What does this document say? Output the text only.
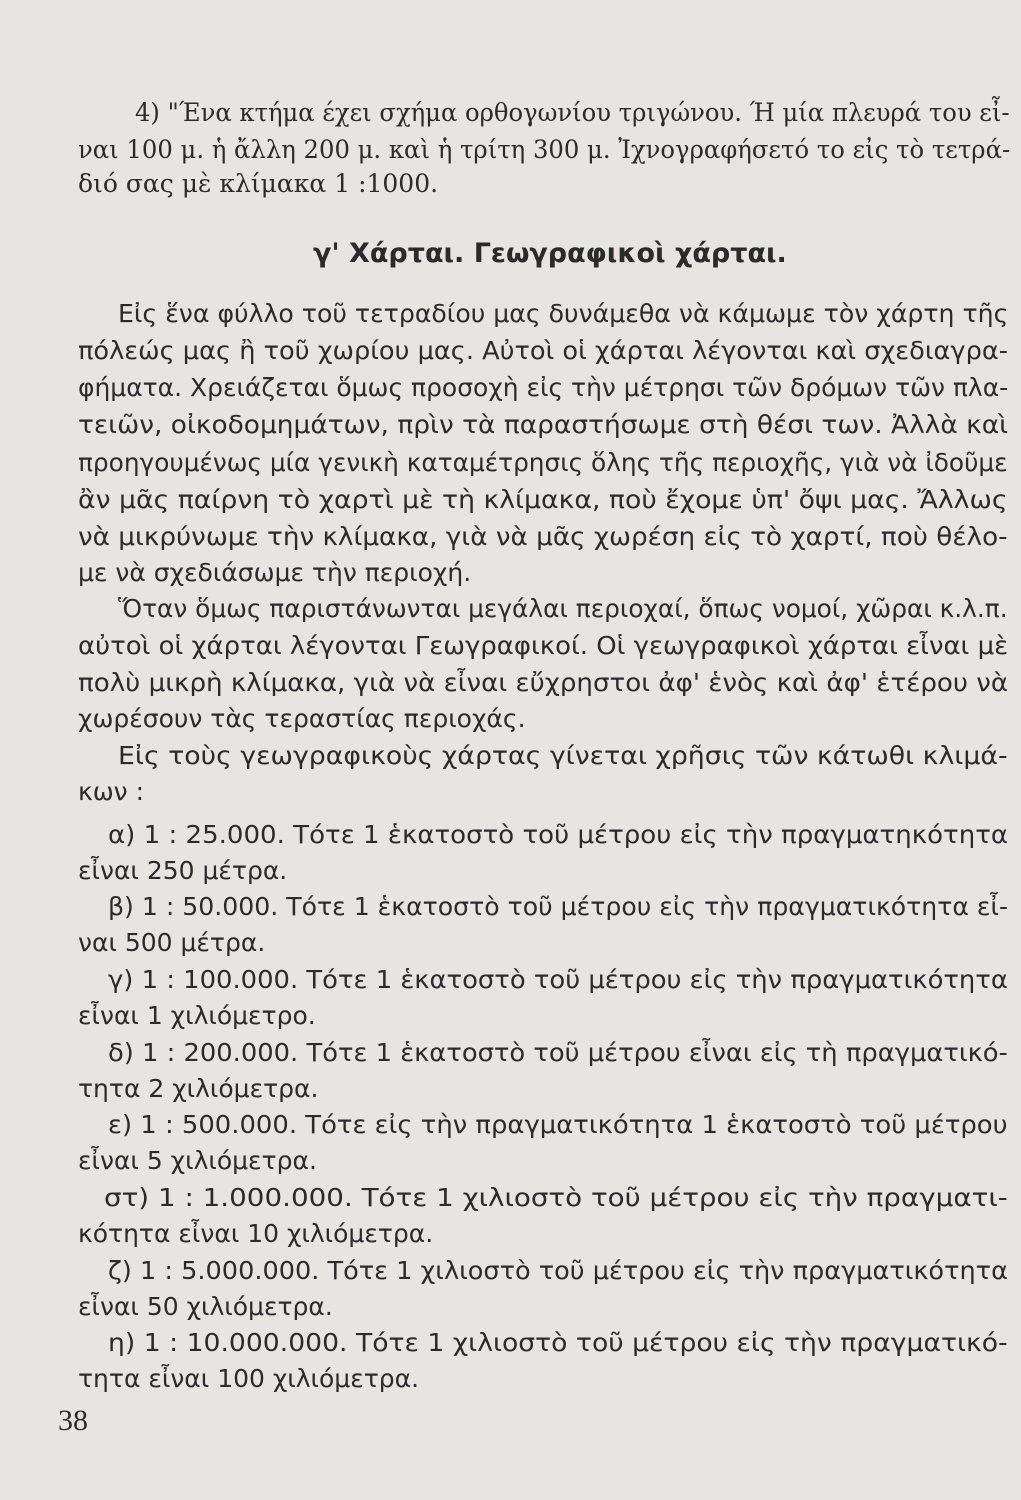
4) "Ένα κτήμα έχει σχήμα ορθογωνίου τριγώνου. Ή μία πλευρά του εἶ-

ναι 100 μ. ἡ ἄλλη 200 μ. καὶ ἡ τρίτη 300 μ. Ἰχνογραφήσετό το εἰς τὸ τετρά-

διό σας μὲ κλίμακα 1 :1000.

γ' Χάρται. Γεωγραφικοὶ χάρται.

Εἰς ἕνα φύλλο τοῦ τετραδίου μας δυνάμεθα νὰ κάμωμε τὸν χάρτη τῆς

πόλεώς μας ἢ τοῦ χωρίου μας. Αὐτοὶ οἱ χάρται λέγονται καὶ σχεδιαγρα-

φήματα. Χρειάζεται ὅμως προσοχὴ εἰς τὴν μέτρησι τῶν δρόμων τῶν πλα-

τειῶν, οἰκοδομημάτων, πρὶν τὰ παραστήσωμε στὴ θέσι των. Ἀλλὰ καὶ

προηγουμένως μία γενικὴ καταμέτρησις ὅλης τῆς περιοχῆς, γιὰ νὰ ἰδοῦμε

ἂν μᾶς παίρνη τὸ χαρτὶ μὲ τὴ κλίμακα, ποὺ ἔχομε ὑπ' ὄψι μας. Ἄλλως

νὰ μικρύνωμε τὴν κλίμακα, γιὰ νὰ μᾶς χωρέση εἰς τὸ χαρτί, ποὺ θέλο-

με νὰ σχεδιάσωμε τὴν περιοχή.

Ὅταν ὅμως παριστάνωνται μεγάλαι περιοχαί, ὅπως νομοί, χῶραι κ.λ.π.

αὐτοὶ οἱ χάρται λέγονται Γεωγραφικοί. Οἱ γεωγραφικοὶ χάρται εἶναι μὲ

πολὺ μικρὴ κλίμακα, γιὰ νὰ εἶναι εὔχρηστοι ἀφ' ἑνὸς καὶ ἀφ' ἑτέρου νὰ

χωρέσουν τὰς τεραστίας περιοχάς.

Εἰς τοὺς γεωγραφικοὺς χάρτας γίνεται χρῆσις τῶν κάτωθι κλιμά-

κων :

α) 1 : 25.000. Τότε 1 ἑκατοστὸ τοῦ μέτρου εἰς τὴν πραγματηκότητα

εἶναι 250 μέτρα.

β) 1 : 50.000. Τότε 1 ἑκατοστὸ τοῦ μέτρου εἰς τὴν πραγματικότητα εἶ-

ναι 500 μέτρα.

γ) 1 : 100.000. Τότε 1 ἑκατοστὸ τοῦ μέτρου εἰς τὴν πραγματικότητα

εἶναι 1 χιλιόμετρο.

δ) 1 : 200.000. Τότε 1 ἑκατοστὸ τοῦ μέτρου εἶναι εἰς τὴ πραγματικό-

τητα 2 χιλιόμετρα.

ε) 1 : 500.000. Τότε εἰς τὴν πραγματικότητα 1 ἑκατοστὸ τοῦ μέτρου

εἶναι 5 χιλιόμετρα.

στ) 1 : 1.000.000. Τότε 1 χιλιοστὸ τοῦ μέτρου εἰς τὴν πραγματι-

κότητα εἶναι 10 χιλιόμετρα.

ζ) 1 : 5.000.000. Τότε 1 χιλιοστὸ τοῦ μέτρου εἰς τὴν πραγματικότητα

εἶναι 50 χιλιόμετρα.

η) 1 : 10.000.000. Τότε 1 χιλιοστὸ τοῦ μέτρου εἰς τὴν πραγματικό-

τητα εἶναι 100 χιλιόμετρα.

38
